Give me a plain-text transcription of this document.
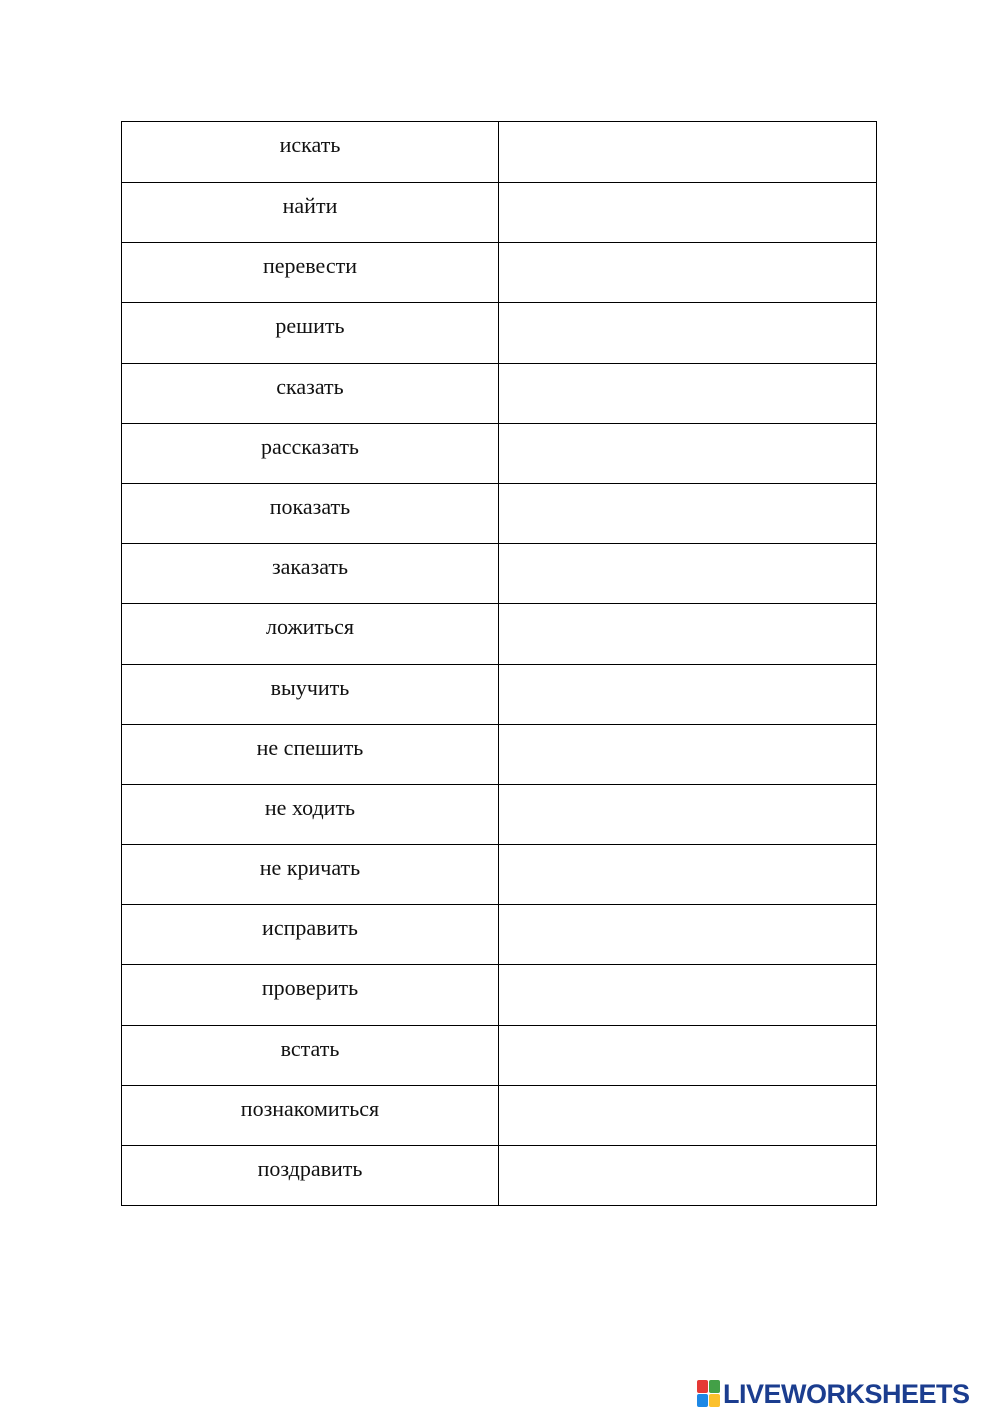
искать	
найти	
перевести	
решить	
сказать	
рассказать	
показать	
заказать	
ложиться	
выучить	
не спешить	
не ходить	
не кричать	
исправить	
проверить	
встать	
познакомиться	
поздравить	
LIVEWORKSHEETS
